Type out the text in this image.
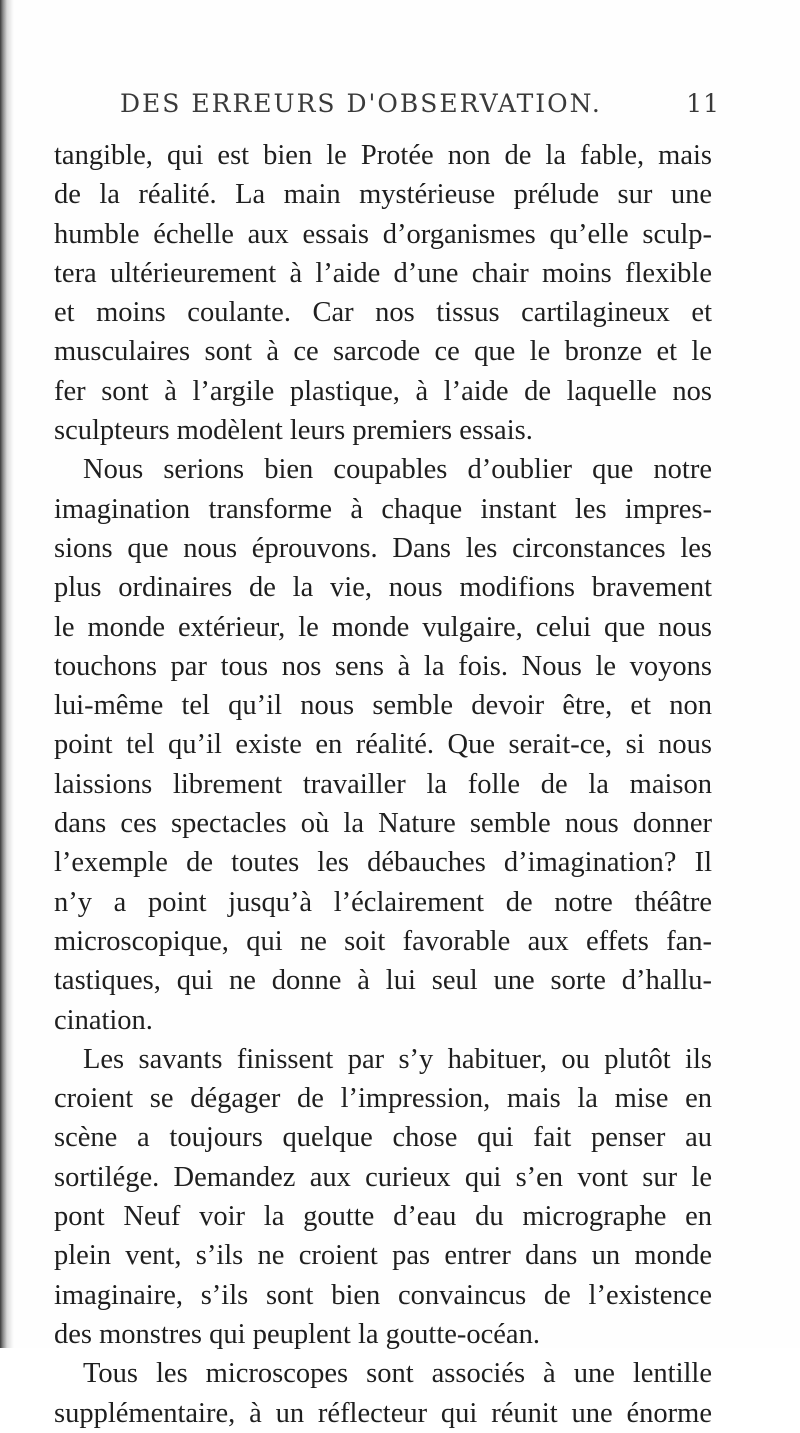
DES ERREURS D'OBSERVATION.	11
tangible, qui est bien le Protée non de la fable, mais
de la réalité. La main mystérieuse prélude sur une
humble échelle aux essais d’organismes qu’elle sculp-
tera ultérieurement à l’aide d’une chair moins flexible
et moins coulante. Car nos tissus cartilagineux et
musculaires sont à ce sarcode ce que le bronze et le
fer sont à l’argile plastique, à l’aide de laquelle nos
sculpteurs modèlent leurs premiers essais.
Nous serions bien coupables d’oublier que notre
imagination transforme à chaque instant les impres-
sions que nous éprouvons. Dans les circonstances les
plus ordinaires de la vie, nous modifions bravement
le monde extérieur, le monde vulgaire, celui que nous
touchons par tous nos sens à la fois. Nous le voyons
lui-même tel qu’il nous semble devoir être, et non
point tel qu’il existe en réalité. Que serait-ce, si nous
laissions librement travailler la folle de la maison
dans ces spectacles où la Nature semble nous donner
l’exemple de toutes les débauches d’imagination? Il
n’y a point jusqu’à l’éclairement de notre théâtre
microscopique, qui ne soit favorable aux effets fan-
tastiques, qui ne donne à lui seul une sorte d’hallu-
cination.
Les savants finissent par s’y habituer, ou plutôt ils
croient se dégager de l’impression, mais la mise en
scène a toujours quelque chose qui fait penser au
sortilége. Demandez aux curieux qui s’en vont sur le
pont Neuf voir la goutte d’eau du micrographe en
plein vent, s’ils ne croient pas entrer dans un monde
imaginaire, s’ils sont bien convaincus de l’existence
des monstres qui peuplent la goutte-océan.
Tous les microscopes sont associés à une lentille
supplémentaire, à un réflecteur qui réunit une énorme
